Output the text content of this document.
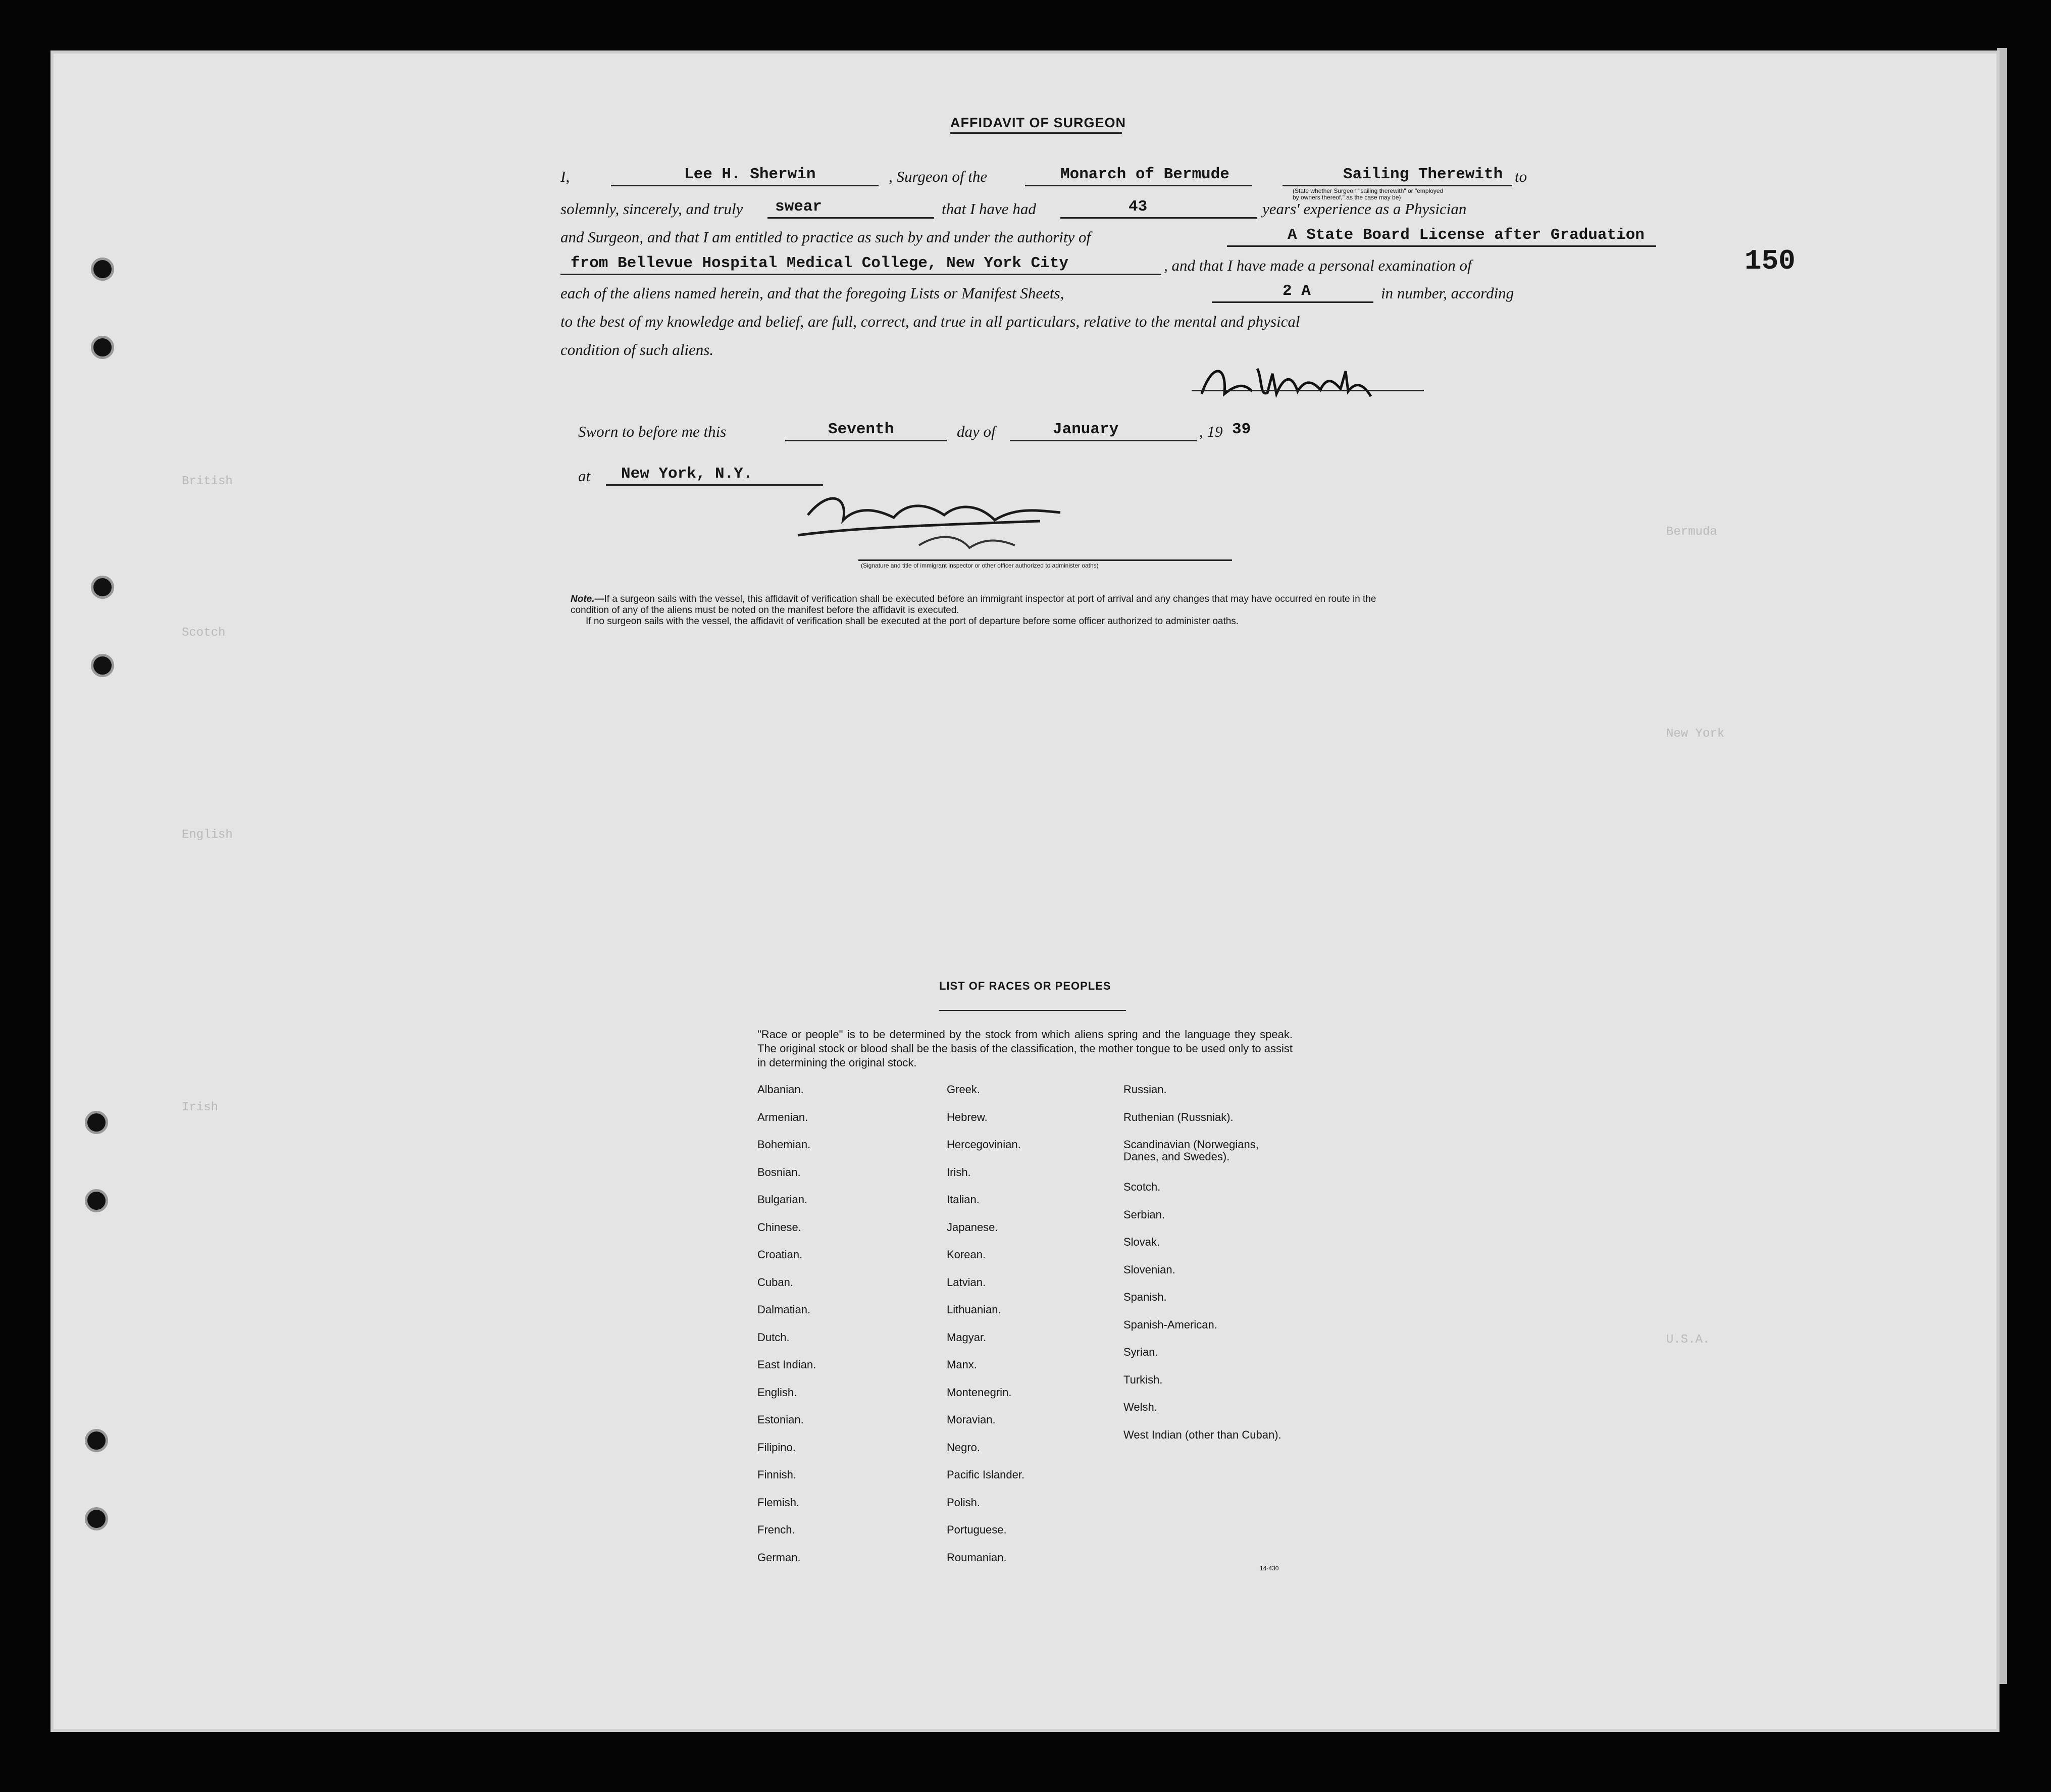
British
Scotch
English
Irish
Bermuda
New York
U.S.A.
150
AFFIDAVIT OF SURGEON
I,	Lee H. Sherwin	, Surgeon of the	Monarch of Bermude	Sailing Therewith to
(State whether Surgeon "sailing therewith" or "employed by owners thereof," as the case may be)
solemnly, sincerely, and truly swear	that I have had	43	years' experience as a Physician
and Surgeon, and that I am entitled to practice as such by and under the authority of	A State Board License after Graduation
from Bellevue Hospital Medical College, New York City	, and that I have made a personal examination of
each of the aliens named herein, and that the foregoing Lists or Manifest Sheets,	2 A	in number, according
to the best of my knowledge and belief, are full, correct, and true in all particulars, relative to the mental and physical
condition of such aliens.
Sworn to before me this	Seventh	day of	January	, 19 39
at New York, N.Y.
(Signature and title of immigrant inspector or other officer authorized to administer oaths)
Note.—If a surgeon sails with the vessel, this affidavit of verification shall be executed before an immigrant inspector at port of arrival and any changes that may have occurred en route in the condition of any of the aliens must be noted on the manifest before the affidavit is executed.
If no surgeon sails with the vessel, the affidavit of verification shall be executed at the port of departure before some officer authorized to administer oaths.
LIST OF RACES OR PEOPLES
"Race or people" is to be determined by the stock from which aliens spring and the language they speak. The original stock or blood shall be the basis of the classification, the mother tongue to be used only to assist in determining the original stock.
Albanian.
Armenian.
Bohemian.
Bosnian.
Bulgarian.
Chinese.
Croatian.
Cuban.
Dalmatian.
Dutch.
East Indian.
English.
Estonian.
Filipino.
Finnish.
Flemish.
French.
German.
Greek.
Hebrew.
Hercegovinian.
Irish.
Italian.
Japanese.
Korean.
Latvian.
Lithuanian.
Magyar.
Manx.
Montenegrin.
Moravian.
Negro.
Pacific Islander.
Polish.
Portuguese.
Roumanian.
Russian.
Ruthenian (Russniak).
Scandinavian (Norwegians, Danes, and Swedes).
Scotch.
Serbian.
Slovak.
Slovenian.
Spanish.
Spanish-American.
Syrian.
Turkish.
Welsh.
West Indian (other than Cuban).
14-430
